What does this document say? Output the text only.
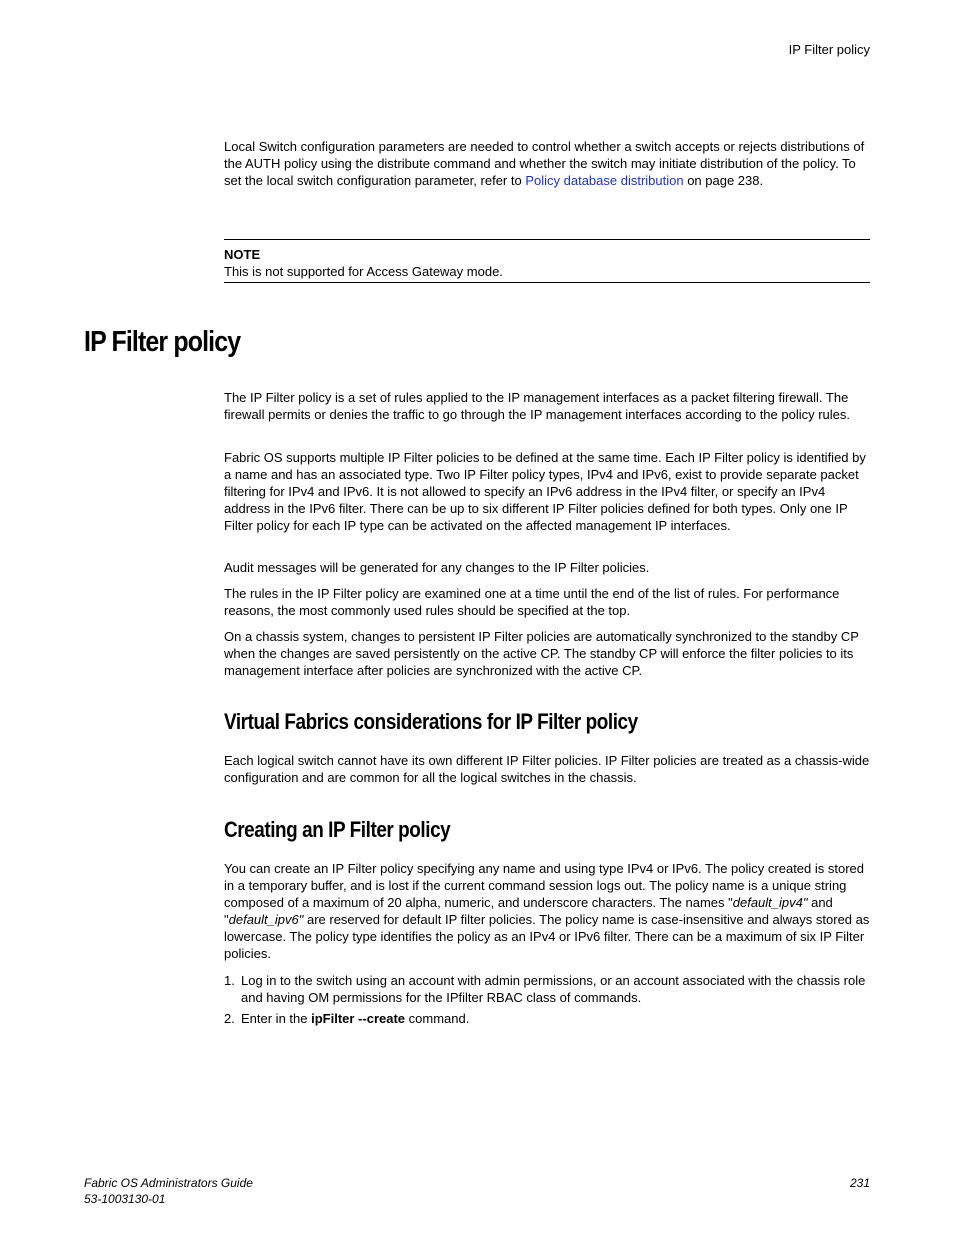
IP Filter policy

Local Switch configuration parameters are needed to control whether a switch accepts or rejects distributions of the AUTH policy using the distribute command and whether the switch may initiate distribution of the policy. To set the local switch configuration parameter, refer to Policy database distribution on page 238.

NOTE
This is not supported for Access Gateway mode.
IP Filter policy

The IP Filter policy is a set of rules applied to the IP management interfaces as a packet filtering firewall. The firewall permits or denies the traffic to go through the IP management interfaces according to the policy rules.

Fabric OS supports multiple IP Filter policies to be defined at the same time. Each IP Filter policy is identified by a name and has an associated type. Two IP Filter policy types, IPv4 and IPv6, exist to provide separate packet filtering for IPv4 and IPv6. It is not allowed to specify an IPv6 address in the IPv4 filter, or specify an IPv4 address in the IPv6 filter. There can be up to six different IP Filter policies defined for both types. Only one IP Filter policy for each IP type can be activated on the affected management IP interfaces.

Audit messages will be generated for any changes to the IP Filter policies.

The rules in the IP Filter policy are examined one at a time until the end of the list of rules. For performance reasons, the most commonly used rules should be specified at the top.

On a chassis system, changes to persistent IP Filter policies are automatically synchronized to the standby CP when the changes are saved persistently on the active CP. The standby CP will enforce the filter policies to its management interface after policies are synchronized with the active CP.

Virtual Fabrics considerations for IP Filter policy

Each logical switch cannot have its own different IP Filter policies. IP Filter policies are treated as a chassis-wide configuration and are common for all the logical switches in the chassis.

Creating an IP Filter policy

You can create an IP Filter policy specifying any name and using type IPv4 or IPv6. The policy created is stored in a temporary buffer, and is lost if the current command session logs out. The policy name is a unique string composed of a maximum of 20 alpha, numeric, and underscore characters. The names "default_ipv4" and "default_ipv6" are reserved for default IP filter policies. The policy name is case-insensitive and always stored as lowercase. The policy type identifies the policy as an IPv4 or IPv6 filter. There can be a maximum of six IP Filter policies.

1. Log in to the switch using an account with admin permissions, or an account associated with the chassis role and having OM permissions for the IPfilter RBAC class of commands.
2. Enter in the ipFilter --create command.
Fabric OS Administrators Guide
53-1003130-01
231
